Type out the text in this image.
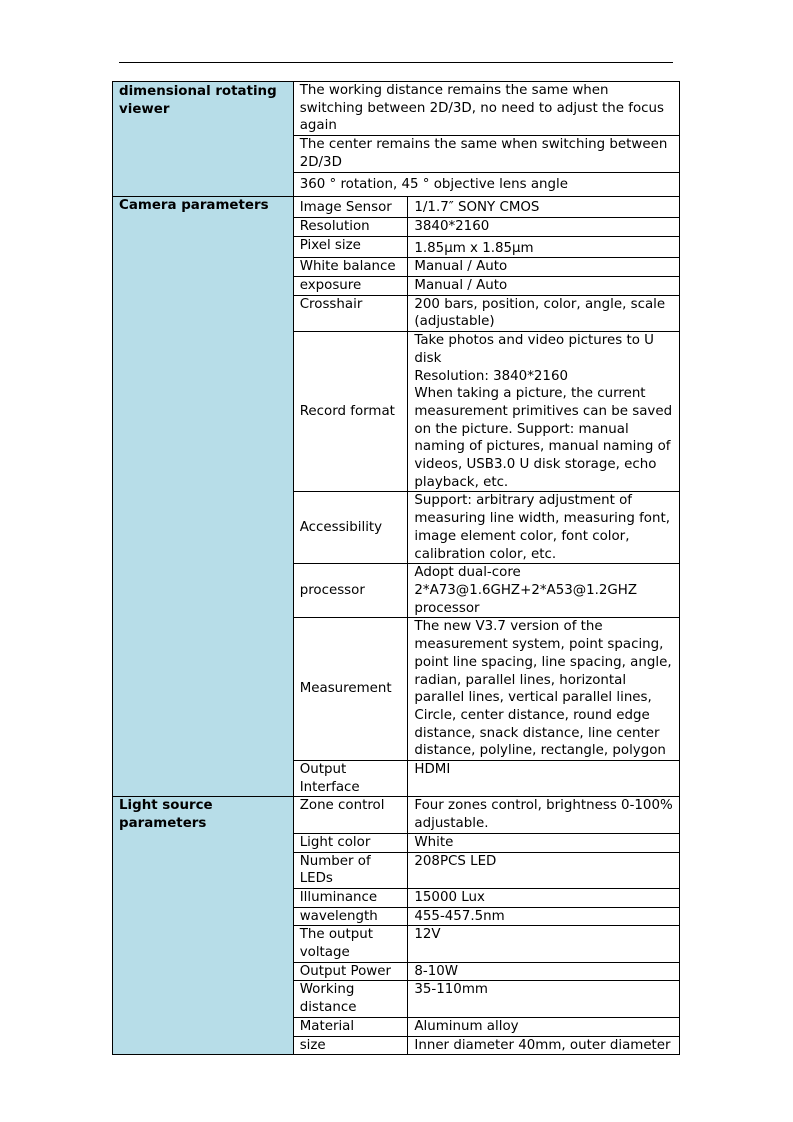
dimensional rotating viewer	The working distance remains the same when switching between 2D/3D, no need to adjust the focus again	
	The center remains the same when switching between 2D/3D	
	360 ° rotation, 45 ° objective lens angle	
Camera parameters	Image Sensor	1/1.7″ SONY CMOS
	Resolution	3840*2160
	Pixel size	1.85μm x 1.85μm
	White balance	Manual / Auto
	exposure	Manual / Auto
	Crosshair	200 bars, position, color, angle, scale (adjustable)
	Record format	Take photos and video pictures to U disk
Resolution: 3840*2160
When taking a picture, the current measurement primitives can be saved on the picture. Support: manual naming of pictures, manual naming of videos, USB3.0 U disk storage, echo playback, etc.

	Accessibility	Support: arbitrary adjustment of measuring line width, measuring font, image element color, font color, calibration color, etc.
	processor	Adopt dual-core 2*A73@1.6GHZ+2*A53@1.2GHZ processor
	Measurement	The new V3.7 version of the measurement system, point spacing, point line spacing, line spacing, angle, radian, parallel lines, horizontal parallel lines, vertical parallel lines, Circle, center distance, round edge distance, snack distance, line center distance, polyline, rectangle, polygon
	Output Interface	HDMI
Light source parameters	Zone control	Four zones control, brightness 0-100% adjustable.
	Light color	White
	Number of LEDs	208PCS LED
	Illuminance	15000 Lux
	wavelength	455-457.5nm
	The output voltage	12V
	Output Power	8-10W
	Working distance	35-110mm
	Material	Aluminum alloy
	size	Inner diameter 40mm, outer diameter
